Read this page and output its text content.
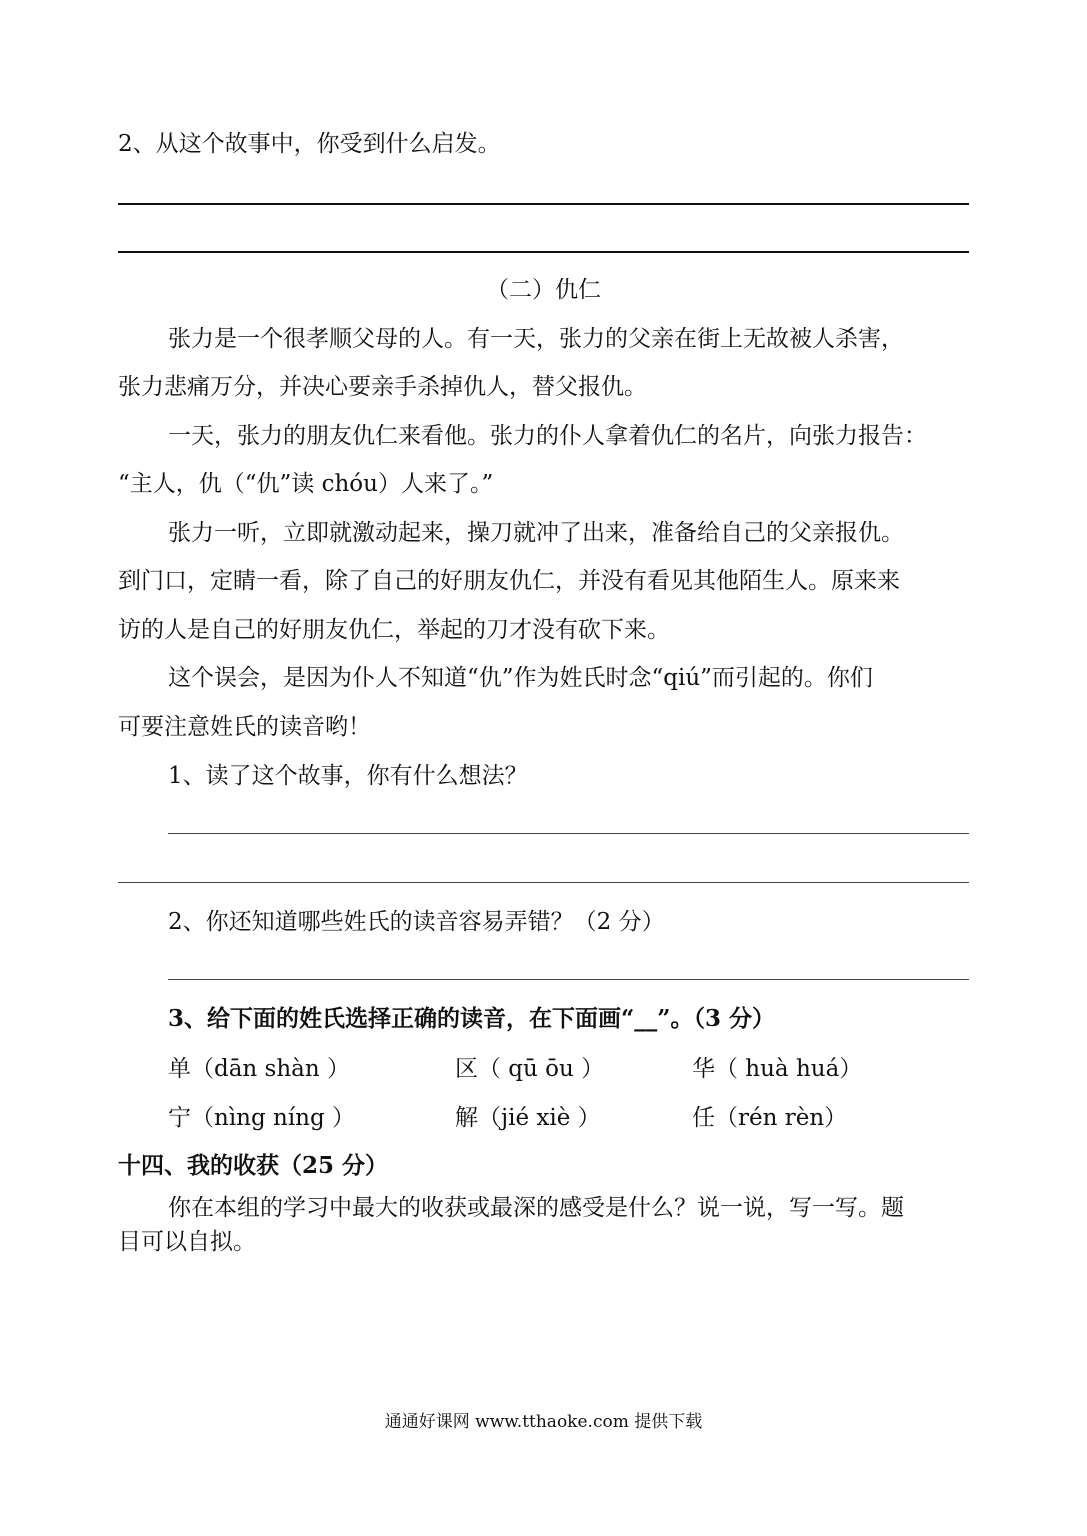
2、从这个故事中，你受到什么启发。
（二）仇仁
张力是一个很孝顺父母的人。有一天，张力的父亲在街上无故被人杀害，
张力悲痛万分，并决心要亲手杀掉仇人，替父报仇。
一天，张力的朋友仇仁来看他。张力的仆人拿着仇仁的名片，向张力报告：
“主人，仇（“仇”读 chóu）人来了。”
张力一听，立即就激动起来，操刀就冲了出来，准备给自己的父亲报仇。
到门口，定睛一看，除了自己的好朋友仇仁，并没有看见其他陌生人。原来来
访的人是自己的好朋友仇仁，举起的刀才没有砍下来。
这个误会，是因为仆人不知道“仇”作为姓氏时念“qiú”而引起的。你们
可要注意姓氏的读音哟！
1、读了这个故事，你有什么想法？
2、你还知道哪些姓氏的读音容易弄错？（2 分）
3、给下面的姓氏选择正确的读音，在下面画“__”。（3 分）
单（dān shàn ）	区（ qū ōu ）	华（ huà huá）
宁（nìng níng ）	解（jié xiè ）	任（rén rèn）
十四、我的收获（25 分）
你在本组的学习中最大的收获或最深的感受是什么？说一说，写一写。题
目可以自拟。
通通好课网 www.tthaoke.com 提供下载
